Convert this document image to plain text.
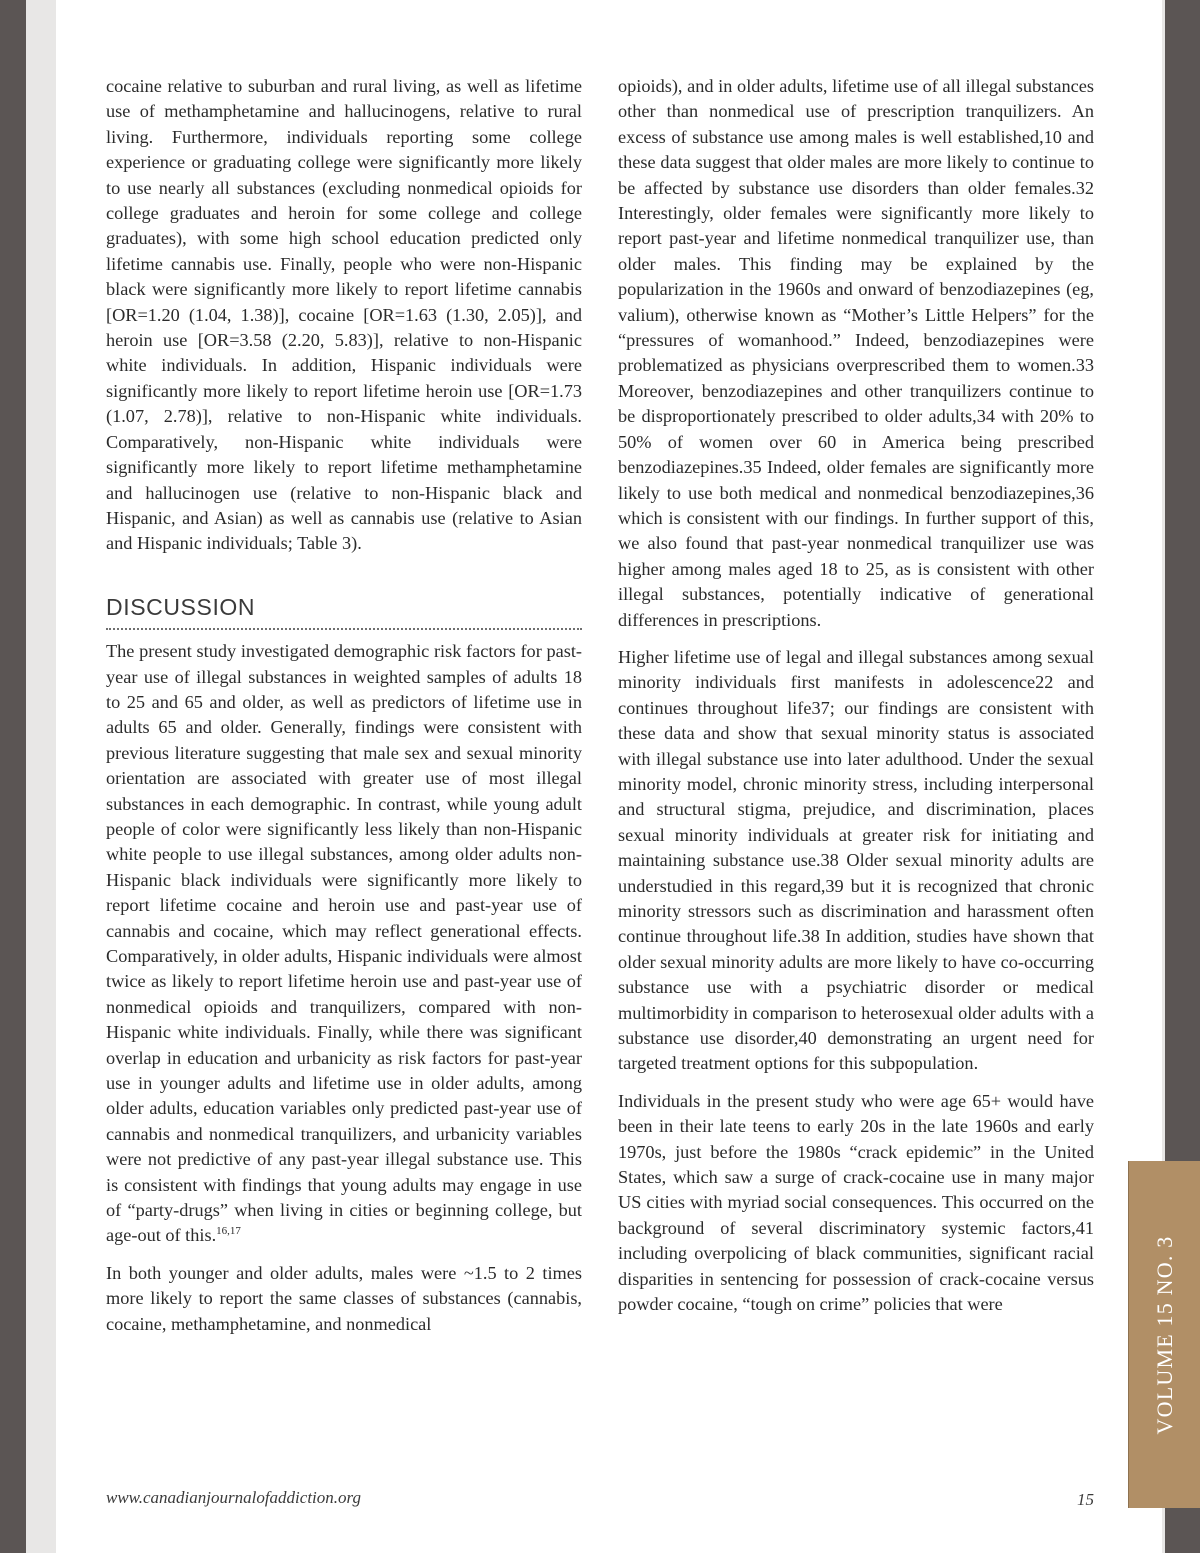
VOLUME 15 NO. 3

cocaine relative to suburban and rural living, as well as lifetime use of methamphetamine and hallucinogens, relative to rural living. Furthermore, individuals reporting some college experience or graduating college were significantly more likely to use nearly all substances (excluding nonmedical opioids for college graduates and heroin for some college and college graduates), with some high school education predicted only lifetime cannabis use. Finally, people who were non-Hispanic black were significantly more likely to report lifetime cannabis [OR=1.20 (1.04, 1.38)], cocaine [OR=1.63 (1.30, 2.05)], and heroin use [OR=3.58 (2.20, 5.83)], relative to non-Hispanic white individuals. In addition, Hispanic individuals were significantly more likely to report lifetime heroin use [OR=1.73 (1.07, 2.78)], relative to non-Hispanic white individuals. Comparatively, non-Hispanic white individuals were significantly more likely to report lifetime methamphetamine and hallucinogen use (relative to non-Hispanic black and Hispanic, and Asian) as well as cannabis use (relative to Asian and Hispanic individuals; Table 3).

DISCUSSION

The present study investigated demographic risk factors for past-year use of illegal substances in weighted samples of adults 18 to 25 and 65 and older, as well as predictors of lifetime use in adults 65 and older. Generally, findings were consistent with previous literature suggesting that male sex and sexual minority orientation are associated with greater use of most illegal substances in each demographic. In contrast, while young adult people of color were significantly less likely than non-Hispanic white people to use illegal substances, among older adults non-Hispanic black individuals were significantly more likely to report lifetime cocaine and heroin use and past-year use of cannabis and cocaine, which may reflect generational effects. Comparatively, in older adults, Hispanic individuals were almost twice as likely to report lifetime heroin use and past-year use of nonmedical opioids and tranquilizers, compared with non-Hispanic white individuals. Finally, while there was significant overlap in education and urbanicity as risk factors for past-year use in younger adults and lifetime use in older adults, among older adults, education variables only predicted past-year use of cannabis and nonmedical tranquilizers, and urbanicity variables were not predictive of any past-year illegal substance use. This is consistent with findings that young adults may engage in use of “party-drugs” when living in cities or beginning college, but age-out of this.$^{16,17}$

In both younger and older adults, males were ~1.5 to 2 times more likely to report the same classes of substances (cannabis, cocaine, methamphetamine, and nonmedical

opioids), and in older adults, lifetime use of all illegal substances other than nonmedical use of prescription tranquilizers. An excess of substance use among males is well established,10 and these data suggest that older males are more likely to continue to be affected by substance use disorders than older females.32 Interestingly, older females were significantly more likely to report past-year and lifetime nonmedical tranquilizer use, than older males. This finding may be explained by the popularization in the 1960s and onward of benzodiazepines (eg, valium), otherwise known as “Mother’s Little Helpers” for the “pressures of womanhood.” Indeed, benzodiazepines were problematized as physicians overprescribed them to women.33 Moreover, benzodiazepines and other tranquilizers continue to be disproportionately prescribed to older adults,34 with 20% to 50% of women over 60 in America being prescribed benzodiazepines.35 Indeed, older females are significantly more likely to use both medical and nonmedical benzodiazepines,36 which is consistent with our findings. In further support of this, we also found that past-year nonmedical tranquilizer use was higher among males aged 18 to 25, as is consistent with other illegal substances, potentially indicative of generational differences in prescriptions.

Higher lifetime use of legal and illegal substances among sexual minority individuals first manifests in adolescence22 and continues throughout life37; our findings are consistent with these data and show that sexual minority status is associated with illegal substance use into later adulthood. Under the sexual minority model, chronic minority stress, including interpersonal and structural stigma, prejudice, and discrimination, places sexual minority individuals at greater risk for initiating and maintaining substance use.38 Older sexual minority adults are understudied in this regard,39 but it is recognized that chronic minority stressors such as discrimination and harassment often continue throughout life.38 In addition, studies have shown that older sexual minority adults are more likely to have co-occurring substance use with a psychiatric disorder or medical multimorbidity in comparison to heterosexual older adults with a substance use disorder,40 demonstrating an urgent need for targeted treatment options for this subpopulation.

Individuals in the present study who were age 65+ would have been in their late teens to early 20s in the late 1960s and early 1970s, just before the 1980s “crack epidemic” in the United States, which saw a surge of crack-cocaine use in many major US cities with myriad social consequences. This occurred on the background of several discriminatory systemic factors,41 including overpolicing of black communities, significant racial disparities in sentencing for possession of crack-cocaine versus powder cocaine, “tough on crime” policies that were

www.canadianjournalofaddiction.org	15
